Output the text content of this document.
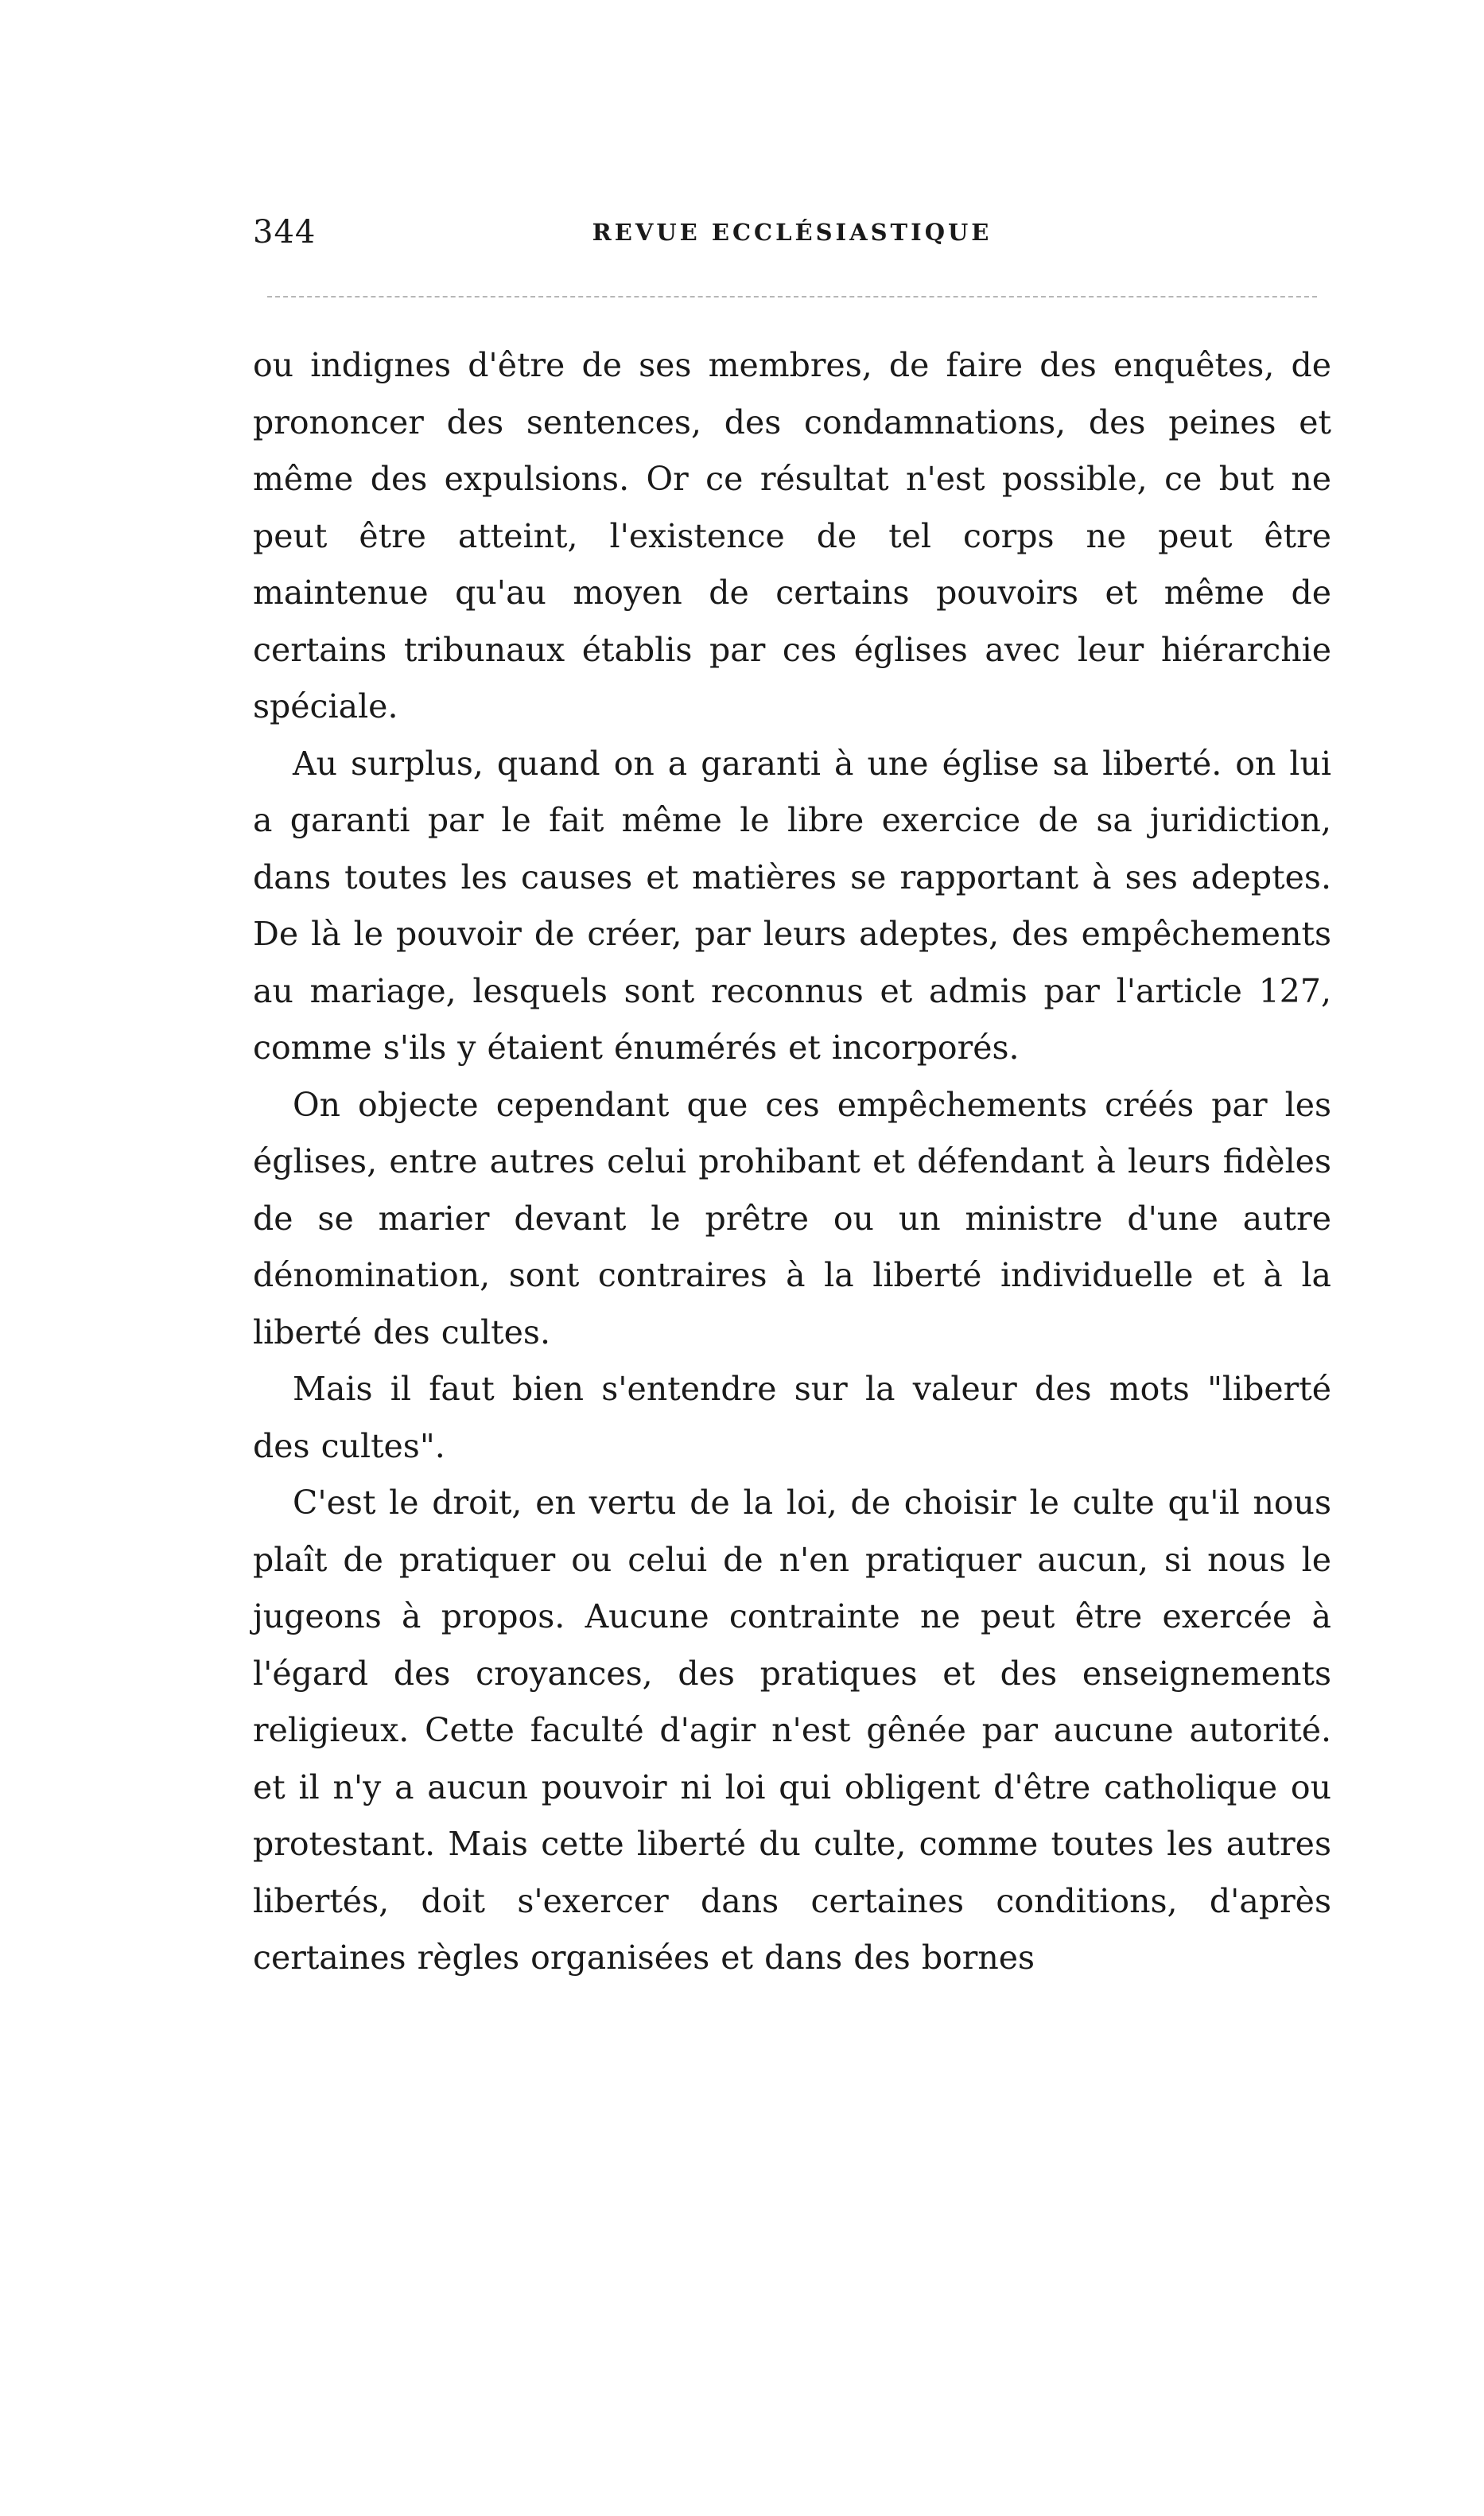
344	REVUE ECCLÉSIASTIQUE

ou indignes d'être de ses membres, de faire des enquêtes, de prononcer des sentences, des condamnations, des peines et même des expulsions. Or ce résultat n'est possible, ce but ne peut être atteint, l'existence de tel corps ne peut être maintenue qu'au moyen de certains pouvoirs et même de certains tribunaux établis par ces églises avec leur hiérarchie spéciale.

Au surplus, quand on a garanti à une église sa liberté. on lui a garanti par le fait même le libre exercice de sa juridiction, dans toutes les causes et matières se rapportant à ses adeptes. De là le pouvoir de créer, par leurs adeptes, des empêchements au mariage, lesquels sont reconnus et admis par l'article 127, comme s'ils y étaient énumérés et incorporés.

On objecte cependant que ces empêchements créés par les églises, entre autres celui prohibant et défendant à leurs fidèles de se marier devant le prêtre ou un ministre d'une autre dénomination, sont contraires à la liberté individuelle et à la liberté des cultes.

Mais il faut bien s'entendre sur la valeur des mots "liberté des cultes".

C'est le droit, en vertu de la loi, de choisir le culte qu'il nous plaît de pratiquer ou celui de n'en pratiquer aucun, si nous le jugeons à propos. Aucune contrainte ne peut être exercée à l'égard des croyances, des pratiques et des enseignements religieux. Cette faculté d'agir n'est gênée par aucune autorité. et il n'y a aucun pouvoir ni loi qui obligent d'être catholique ou protestant. Mais cette liberté du culte, comme toutes les autres libertés, doit s'exercer dans certaines conditions, d'après certaines règles organisées et dans des bornes
